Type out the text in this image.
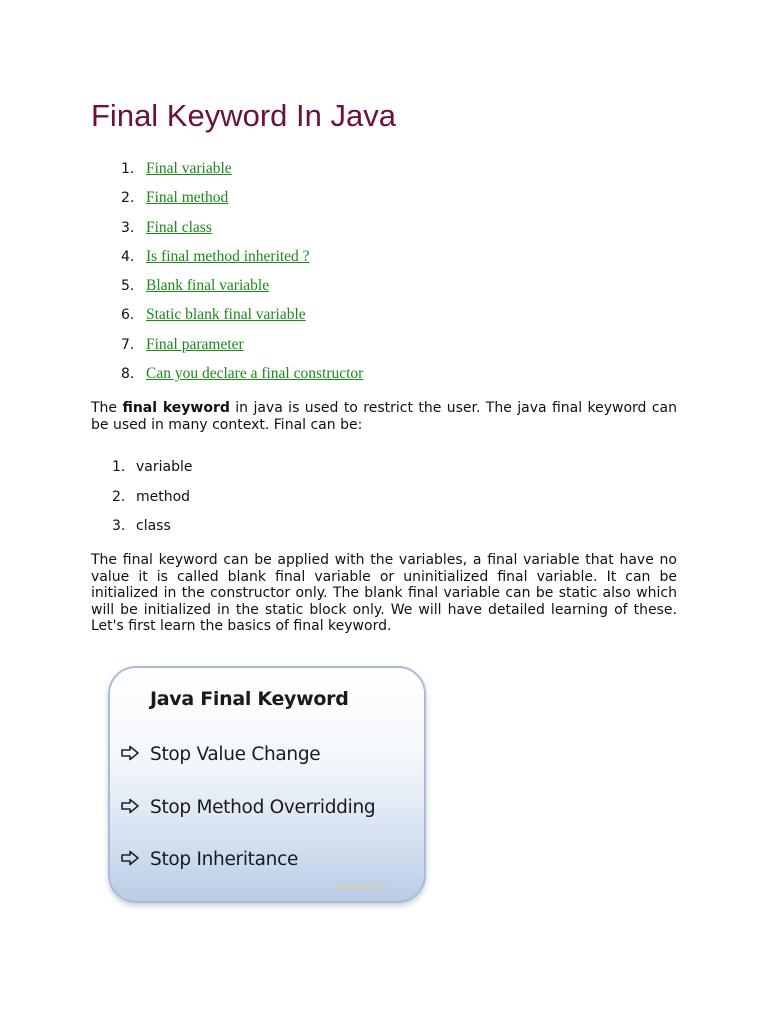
Final Keyword In Java
1. Final variable
2. Final method
3. Final class
4. Is final method inherited ?
5. Blank final variable
6. Static blank final variable
7. Final parameter
8. Can you declare a final constructor

The final keyword in java is used to restrict the user. The java final keyword can be used in many context. Final can be:

1. variable
2. method
3. class

The final keyword can be applied with the variables, a final variable that have no value it is called blank final variable or uninitialized final variable. It can be initialized in the constructor only. The blank final variable can be static also which will be initialized in the static block only. We will have detailed learning of these. Let's first learn the basics of final keyword.

Java Final Keyword
Stop Value Change
Stop Method Overridding
Stop Inheritance
javatpoint.com
